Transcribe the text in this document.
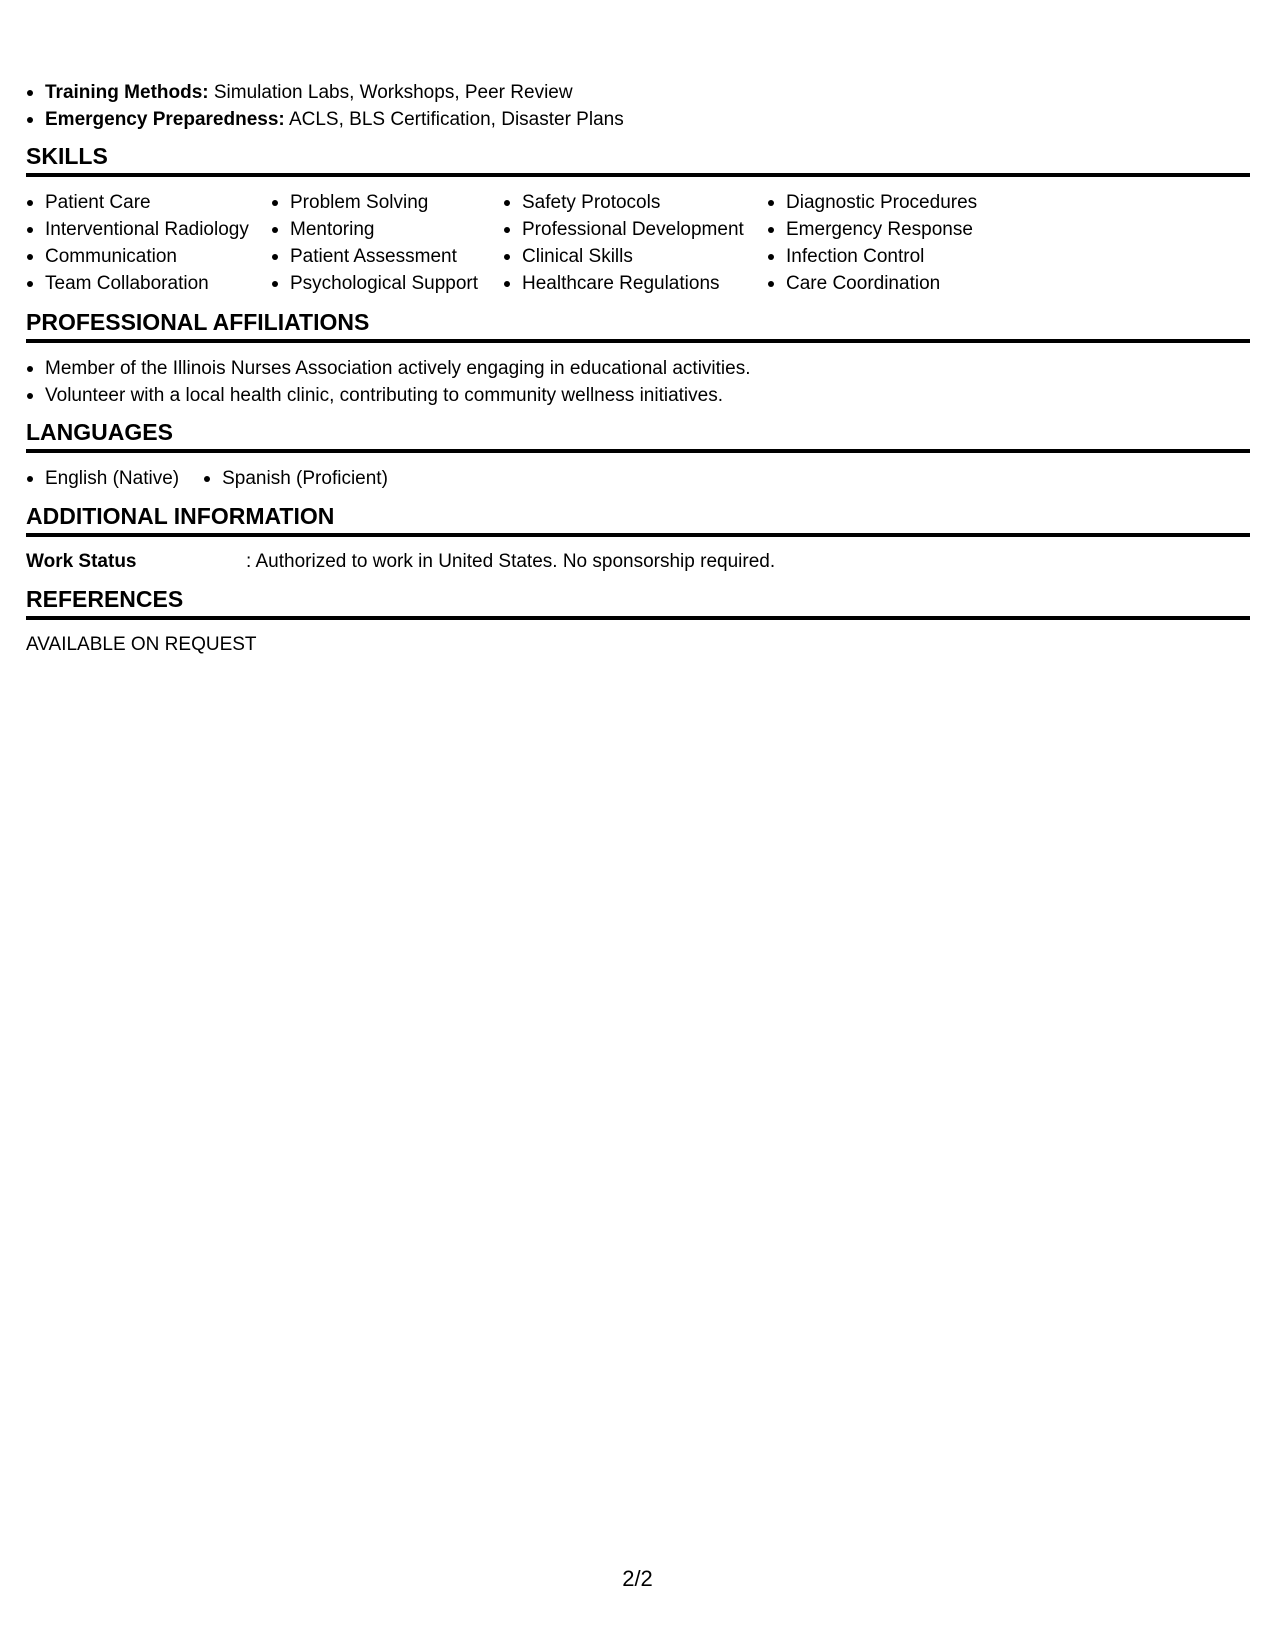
Training Methods: Simulation Labs, Workshops, Peer Review
Emergency Preparedness: ACLS, BLS Certification, Disaster Plans
SKILLS
Patient Care
Interventional Radiology
Communication
Team Collaboration
Problem Solving
Mentoring
Patient Assessment
Psychological Support
Safety Protocols
Professional Development
Clinical Skills
Healthcare Regulations
Diagnostic Procedures
Emergency Response
Infection Control
Care Coordination
PROFESSIONAL AFFILIATIONS
Member of the Illinois Nurses Association actively engaging in educational activities.
Volunteer with a local health clinic, contributing to community wellness initiatives.
LANGUAGES
English (Native)	Spanish (Proficient)
ADDITIONAL INFORMATION
Work Status	: Authorized to work in United States. No sponsorship required.
REFERENCES
AVAILABLE ON REQUEST
2/2
